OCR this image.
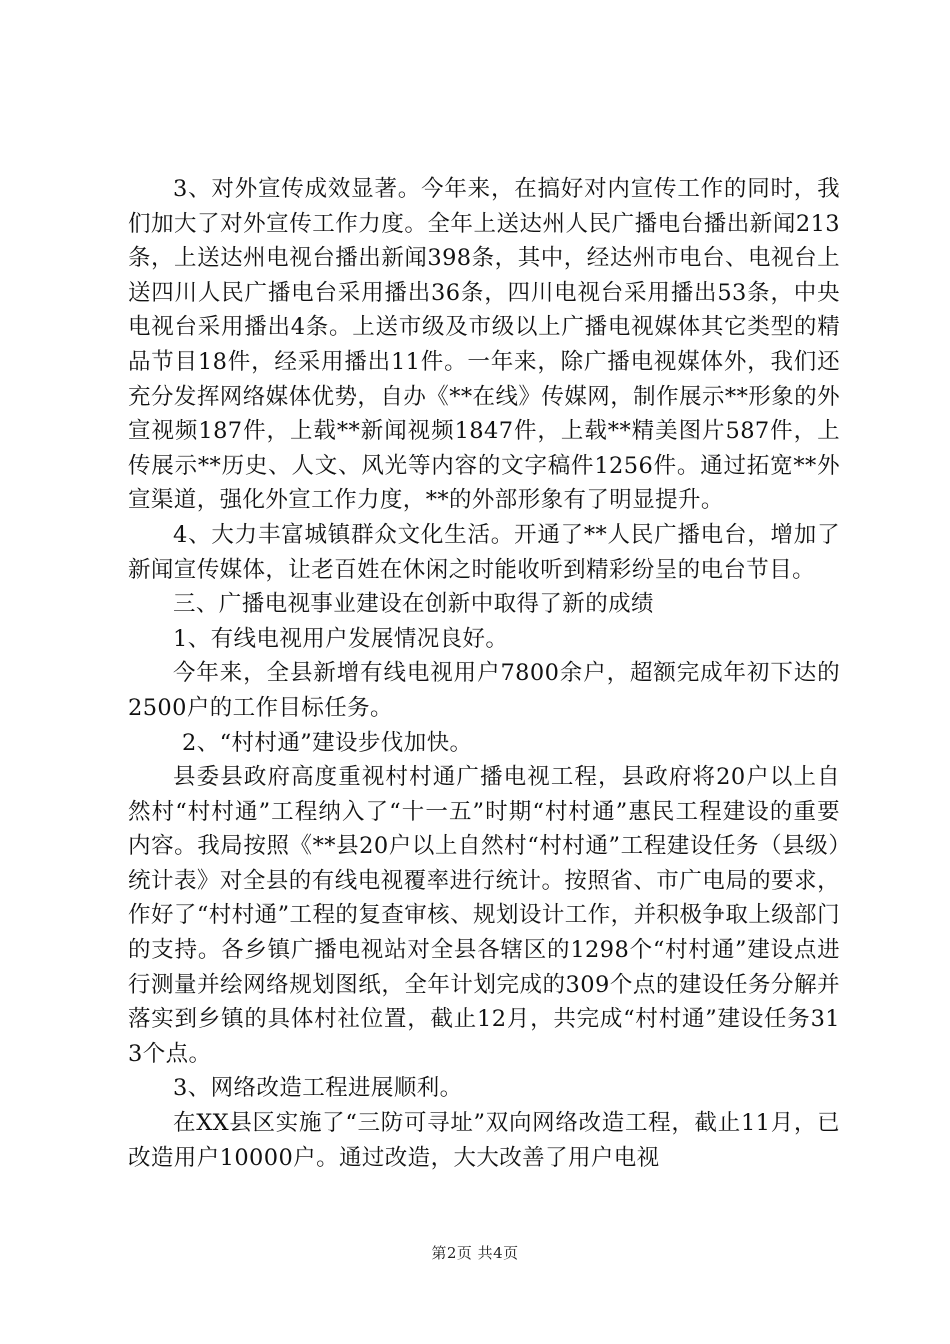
3、对外宣传成效显著。今年来，在搞好对内宣传工作的同时，我们加大了对外宣传工作力度。全年上送达州人民广播电台播出新闻213条，上送达州电视台播出新闻398条，其中，经达州市电台、电视台上送四川人民广播电台采用播出36条，四川电视台采用播出53条，中央电视台采用播出4条。上送市级及市级以上广播电视媒体其它类型的精品节目18件，经采用播出11件。一年来，除广播电视媒体外，我们还充分发挥网络媒体优势，自办《**在线》传媒网，制作展示**形象的外宣视频187件，上载**新闻视频1847件，上载**精美图片587件，上传展示**历史、人文、风光等内容的文字稿件1256件。通过拓宽**外宣渠道，强化外宣工作力度，**的外部形象有了明显提升。

4、大力丰富城镇群众文化生活。开通了**人民广播电台，增加了新闻宣传媒体，让老百姓在休闲之时能收听到精彩纷呈的电台节目。

三、广播电视事业建设在创新中取得了新的成绩

1、有线电视用户发展情况良好。

今年来，全县新增有线电视用户7800余户，超额完成年初下达的2500户的工作目标任务。

2、“村村通”建设步伐加快。

县委县政府高度重视村村通广播电视工程，县政府将20户以上自然村“村村通”工程纳入了“十一五”时期“村村通”惠民工程建设的重要内容。我局按照《**县20户以上自然村“村村通”工程建设任务（县级）统计表》对全县的有线电视覆率进行统计。按照省、市广电局的要求，作好了“村村通”工程的复查审核、规划设计工作，并积极争取上级部门的支持。各乡镇广播电视站对全县各辖区的1298个“村村通”建设点进行测量并绘网络规划图纸，全年计划完成的309个点的建设任务分解并落实到乡镇的具体村社位置，截止12月，共完成“村村通”建设任务313个点。

3、网络改造工程进展顺利。

在XX县区实施了“三防可寻址”双向网络改造工程，截止11月，已改造用户10000户。通过改造，大大改善了用户电视

第2页 共4页
